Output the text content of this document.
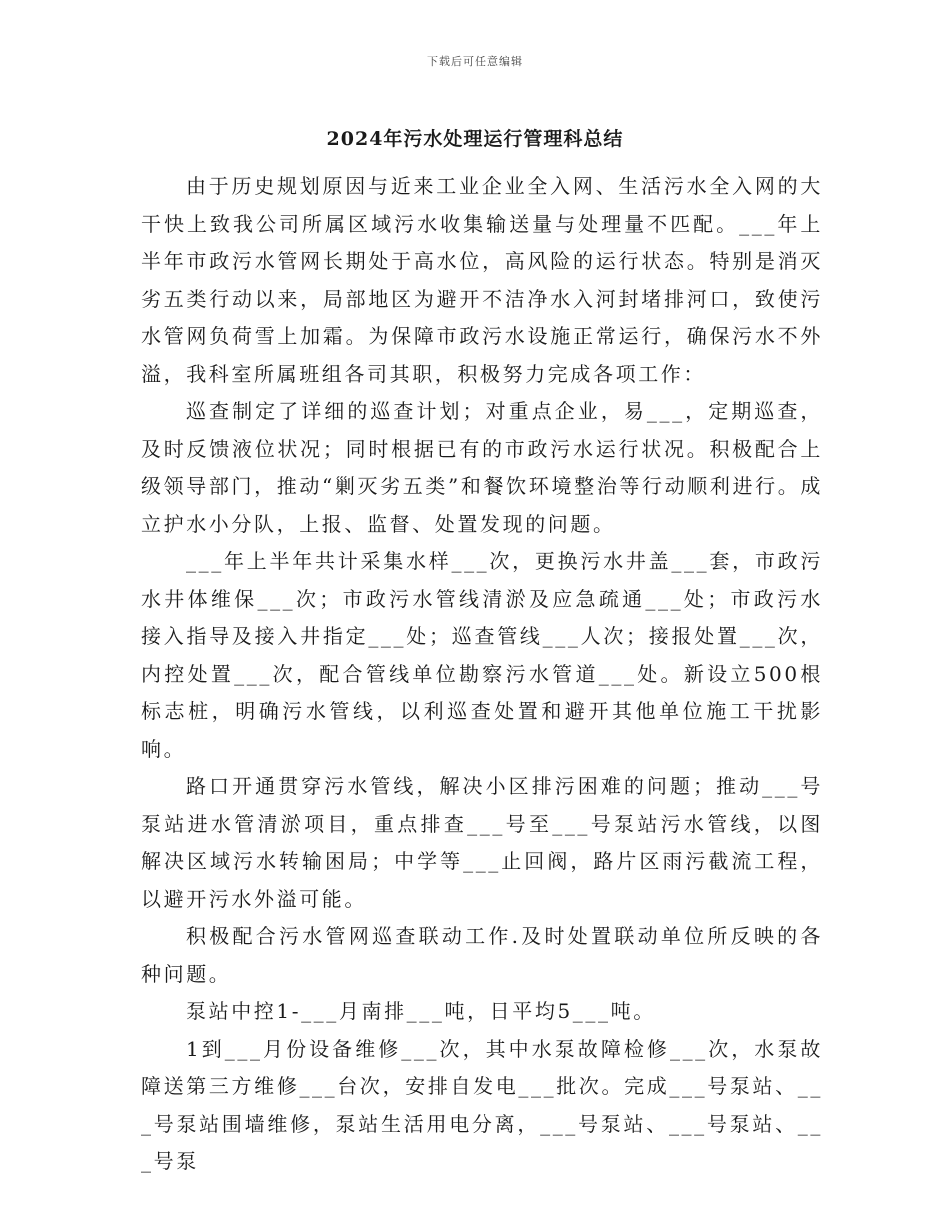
下载后可任意编辑
2024年污水处理运行管理科总结

由于历史规划原因与近来工业企业全入网、生活污水全入网的大干快上致我公司所属区域污水收集输送量与处理量不匹配。___年上半年市政污水管网长期处于高水位，高风险的运行状态。特别是消灭劣五类行动以来，局部地区为避开不洁净水入河封堵排河口，致使污水管网负荷雪上加霜。为保障市政污水设施正常运行，确保污水不外溢，我科室所属班组各司其职，积极努力完成各项工作：

巡查制定了详细的巡查计划；对重点企业，易___，定期巡查，及时反馈液位状况；同时根据已有的市政污水运行状况。积极配合上级领导部门，推动“剿灭劣五类”和餐饮环境整治等行动顺利进行。成立护水小分队，上报、监督、处置发现的问题。

___年上半年共计采集水样___次，更换污水井盖___套，市政污水井体维保___次；市政污水管线清淤及应急疏通___处；市政污水接入指导及接入井指定___处；巡查管线___人次；接报处置___次，内控处置___次，配合管线单位勘察污水管道___处。新设立500根标志桩，明确污水管线，以利巡查处置和避开其他单位施工干扰影响。

路口开通贯穿污水管线，解决小区排污困难的问题；推动___号泵站进水管清淤项目，重点排查___号至___号泵站污水管线，以图解决区域污水转输困局；中学等___止回阀，路片区雨污截流工程，以避开污水外溢可能。

积极配合污水管网巡查联动工作.及时处置联动单位所反映的各种问题。

泵站中控1-___月南排___吨，日平均5___吨。

1到___月份设备维修___次，其中水泵故障检修___次，水泵故障送第三方维修___台次，安排自发电___批次。完成___号泵站、___号泵站围墙维修，泵站生活用电分离，___号泵站、___号泵站、___号泵
